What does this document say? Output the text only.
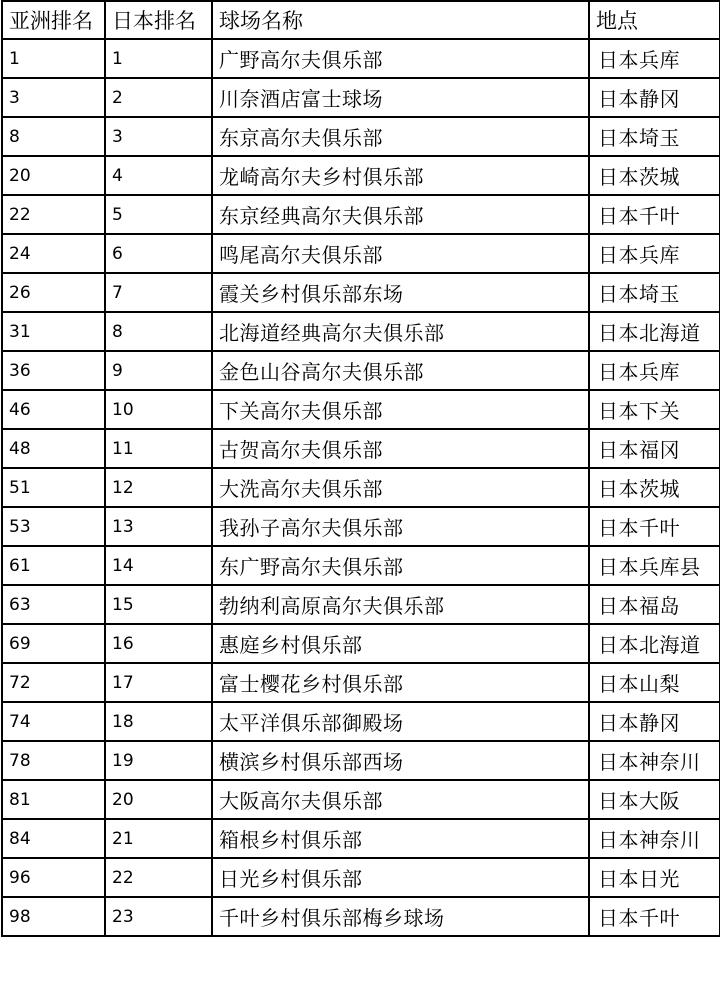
亚洲排名	日本排名	球场名称	地点
1	1	广野高尔夫俱乐部	日本兵库
3	2	川奈酒店富士球场	日本静冈
8	3	东京高尔夫俱乐部	日本埼玉
20	4	龙崎高尔夫乡村俱乐部	日本茨城
22	5	东京经典高尔夫俱乐部	日本千叶
24	6	鸣尾高尔夫俱乐部	日本兵库
26	7	霞关乡村俱乐部东场	日本埼玉
31	8	北海道经典高尔夫俱乐部	日本北海道
36	9	金色山谷高尔夫俱乐部	日本兵库
46	10	下关高尔夫俱乐部	日本下关
48	11	古贺高尔夫俱乐部	日本福冈
51	12	大洗高尔夫俱乐部	日本茨城
53	13	我孙子高尔夫俱乐部	日本千叶
61	14	东广野高尔夫俱乐部	日本兵库县
63	15	勃纳利高原高尔夫俱乐部	日本福岛
69	16	惠庭乡村俱乐部	日本北海道
72	17	富士樱花乡村俱乐部	日本山梨
74	18	太平洋俱乐部御殿场	日本静冈
78	19	横滨乡村俱乐部西场	日本神奈川
81	20	大阪高尔夫俱乐部	日本大阪
84	21	箱根乡村俱乐部	日本神奈川
96	22	日光乡村俱乐部	日本日光
98	23	千叶乡村俱乐部梅乡球场	日本千叶
